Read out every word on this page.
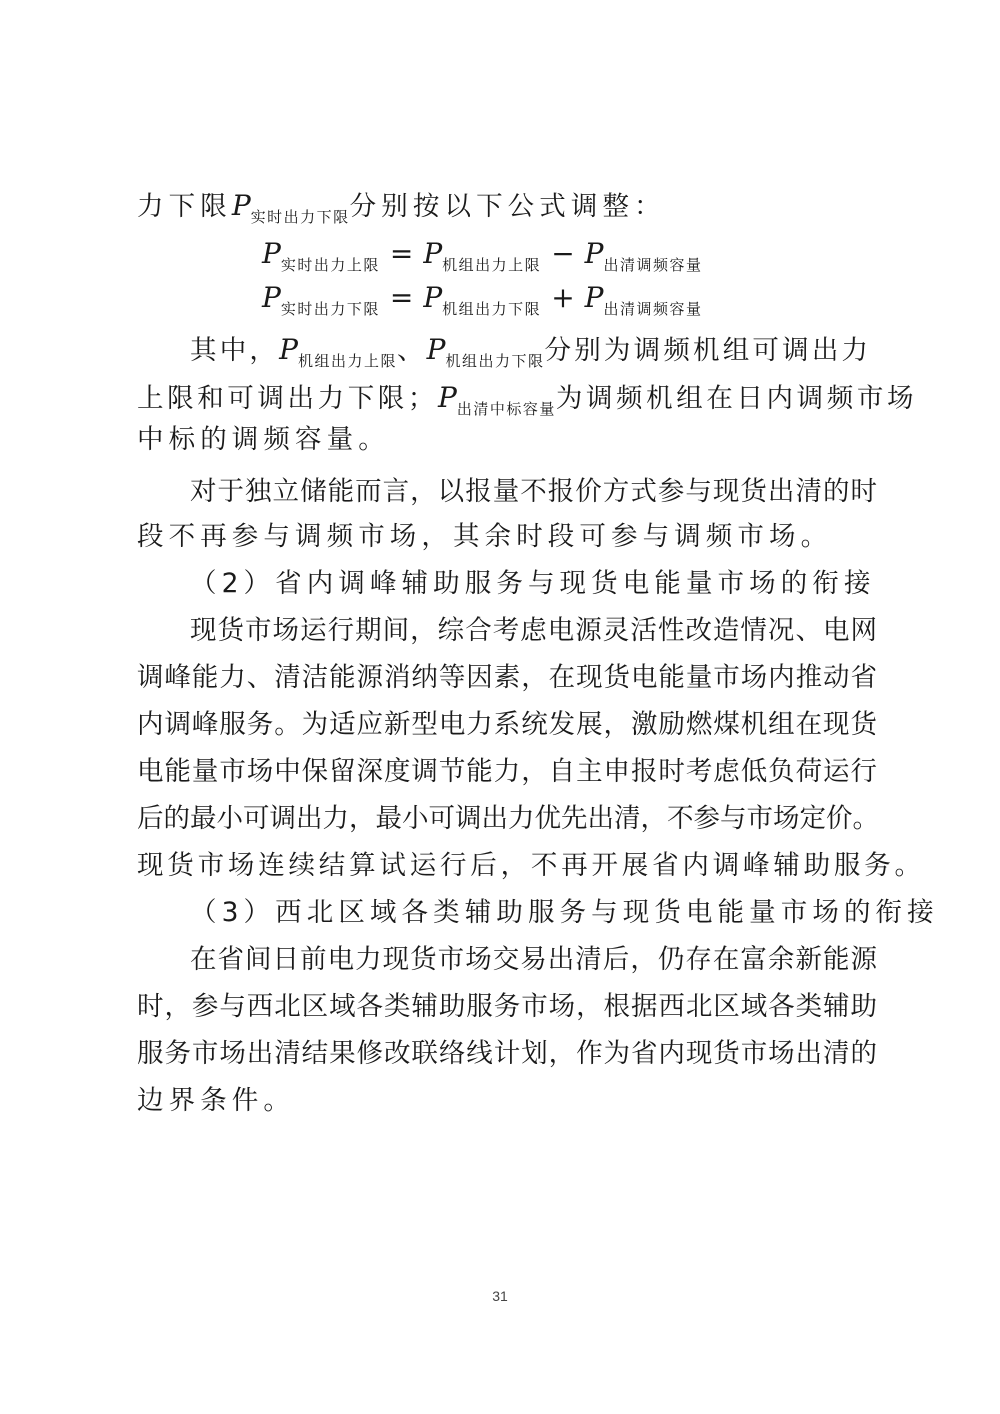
力下限$P_{实时出力下限}$分别按以下公式调整：
P实时出力上限 = P机组出力上限 − P出清调频容量
P实时出力下限 = P机组出力下限 + P出清调频容量
其中，$P_{机组出力上限}$、$P_{机组出力下限}$分别为调频机组可调出力
上限和可调出力下限；$P_{出清中标容量}$为调频机组在日内调频市场
中标的调频容量。
对于独立储能而言，以报量不报价方式参与现货出清的时
段不再参与调频市场，其余时段可参与调频市场。
（2）省内调峰辅助服务与现货电能量市场的衔接
现货市场运行期间，综合考虑电源灵活性改造情况、电网
调峰能力、清洁能源消纳等因素，在现货电能量市场内推动省
内调峰服务。为适应新型电力系统发展，激励燃煤机组在现货
电能量市场中保留深度调节能力，自主申报时考虑低负荷运行
后的最小可调出力，最小可调出力优先出清，不参与市场定价。
现货市场连续结算试运行后，不再开展省内调峰辅助服务。
（3）西北区域各类辅助服务与现货电能量市场的衔接
在省间日前电力现货市场交易出清后，仍存在富余新能源
时，参与西北区域各类辅助服务市场，根据西北区域各类辅助
服务市场出清结果修改联络线计划，作为省内现货市场出清的
边界条件。
31
